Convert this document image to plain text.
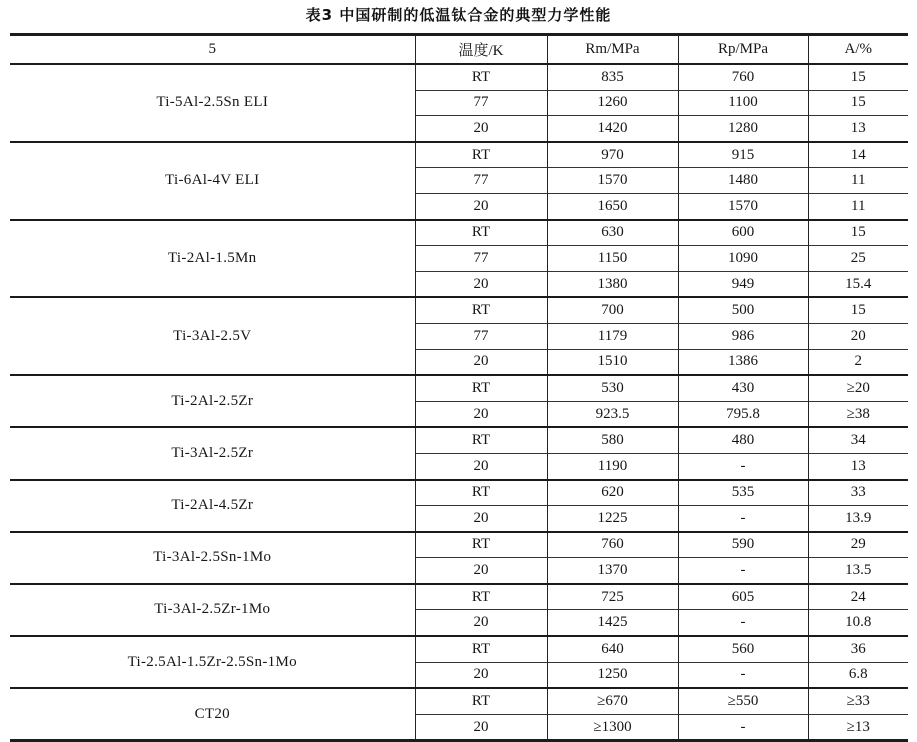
表3 中国研制的低温钛合金的典型力学性能
5	温度/K	Rm/MPa	Rp/MPa	A/%
Ti-5Al-2.5Sn ELI	RT	835	760	15
	77	1260	1100	15
	20	1420	1280	13
Ti-6Al-4V ELI	RT	970	915	14
	77	1570	1480	11
	20	1650	1570	11
Ti-2Al-1.5Mn	RT	630	600	15
	77	1150	1090	25
	20	1380	949	15.4
Ti-3Al-2.5V	RT	700	500	15
	77	1179	986	20
	20	1510	1386	2
Ti-2Al-2.5Zr	RT	530	430	≥20
	20	923.5	795.8	≥38
Ti-3Al-2.5Zr	RT	580	480	34
	20	1190	-	13
Ti-2Al-4.5Zr	RT	620	535	33
	20	1225	-	13.9
Ti-3Al-2.5Sn-1Mo	RT	760	590	29
	20	1370	-	13.5
Ti-3Al-2.5Zr-1Mo	RT	725	605	24
	20	1425	-	10.8
Ti-2.5Al-1.5Zr-2.5Sn-1Mo	RT	640	560	36
	20	1250	-	6.8
CT20	RT	≥670	≥550	≥33
	20	≥1300	-	≥13
